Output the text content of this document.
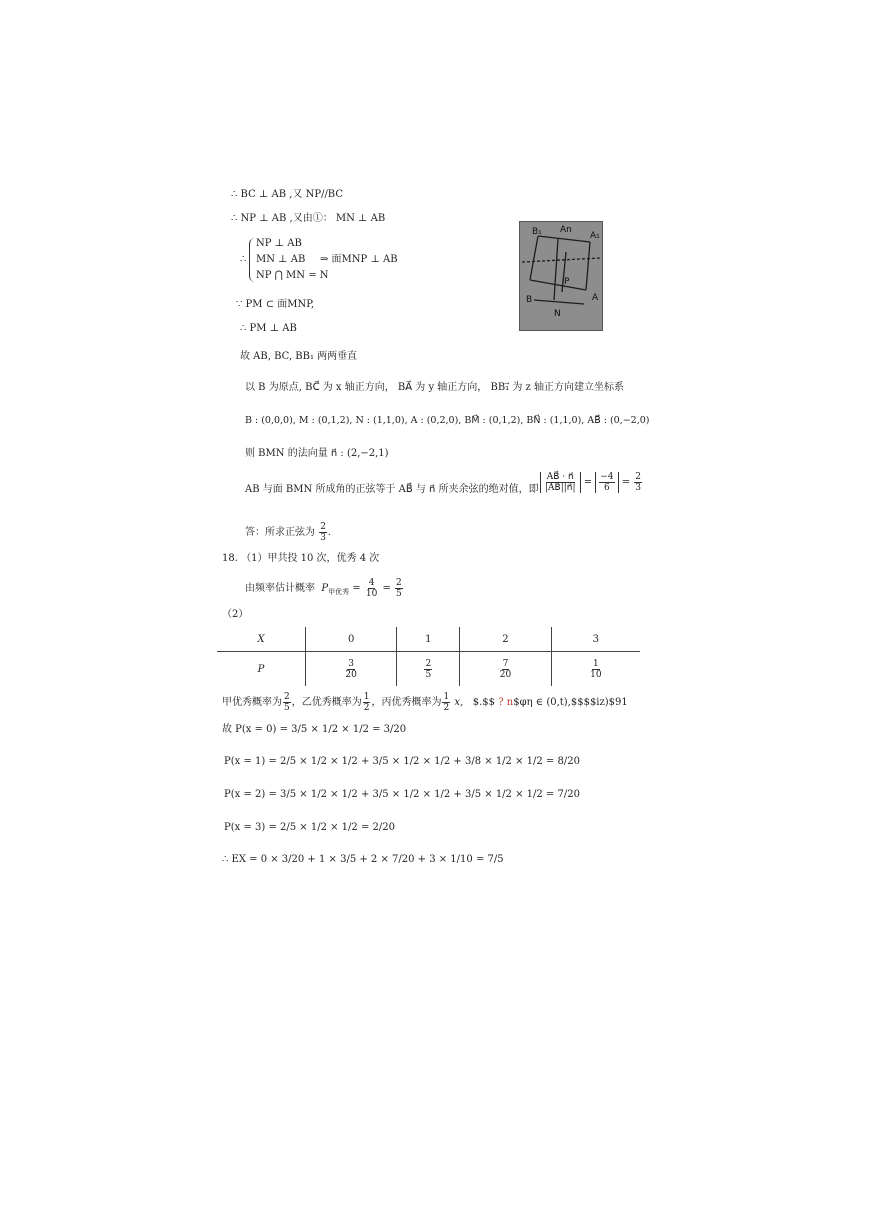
∴ BC ⊥ AB ,又 NP//BC
∴ NP ⊥ AB ,又由①： MN ⊥ AB
∴
NP ⊥ AB
MN ⊥ AB
NP ⋂ MN = N
⇒ 面MNP ⊥ AB
∵ PM ⊂ 面MNP,
∴ PM ⊥ AB
B₁ An
A₁
P
A
N
B
故 AB, BC, BB₁ 两两垂直
以 B 为原点, BC⃗ 为 x 轴正方向， BA⃗ 为 y 轴正方向， BB₁⃗ 为 z 轴正方向建立坐标系
B : (0,0,0), M : (0,1,2), N : (1,1,0), A : (0,2,0), BM⃗ : (0,1,2), BN⃗ : (1,1,0), AB⃗ : (0,−2,0)
则 BMN 的法向量 n⃗ : (2,−2,1)
AB 与面 BMN 所成角的正弦等于 AB⃗ 与 n⃗ 所夹余弦的绝对值，即 $\frac{AB⃗ \cdot n⃗}{|AB⃗||n⃗|} = \frac{-4}{6} = \frac{2}{3}$
答：所求正弦为 $\frac{2}{3}$ .
18. （1）甲共投 10 次，优秀 4 次
由频率估计概率 $P_{甲优秀} = \frac{4}{10} = \frac{2}{5}$
（2）
X	0	1	2	3
P	$\frac{3}{20}$	$\frac{2}{5}$	$\frac{7}{20}$	$\frac{1}{10}$
甲优秀概率为 $\frac{2}{5}$ ，乙优秀概率为 $\frac{1}{2}$ ，丙优秀概率为 $\frac{1}{2} x$, $.$$ ? n$φη ∈ (0,t),$$$$iz)$91
故 P(x = 0) = 3/5 × 1/2 × 1/2 = 3/20
P(x = 1) = 2/5 × 1/2 × 1/2 + 3/5 × 1/2 × 1/2 + 3/8 × 1/2 × 1/2 = 8/20
P(x = 2) = 3/5 × 1/2 × 1/2 + 3/5 × 1/2 × 1/2 + 3/5 × 1/2 × 1/2 = 7/20
P(x = 3) = 2/5 × 1/2 × 1/2 = 2/20
∴ EX = 0 × 3/20 + 1 × 3/5 + 2 × 7/20 + 3 × 1/10 = 7/5
